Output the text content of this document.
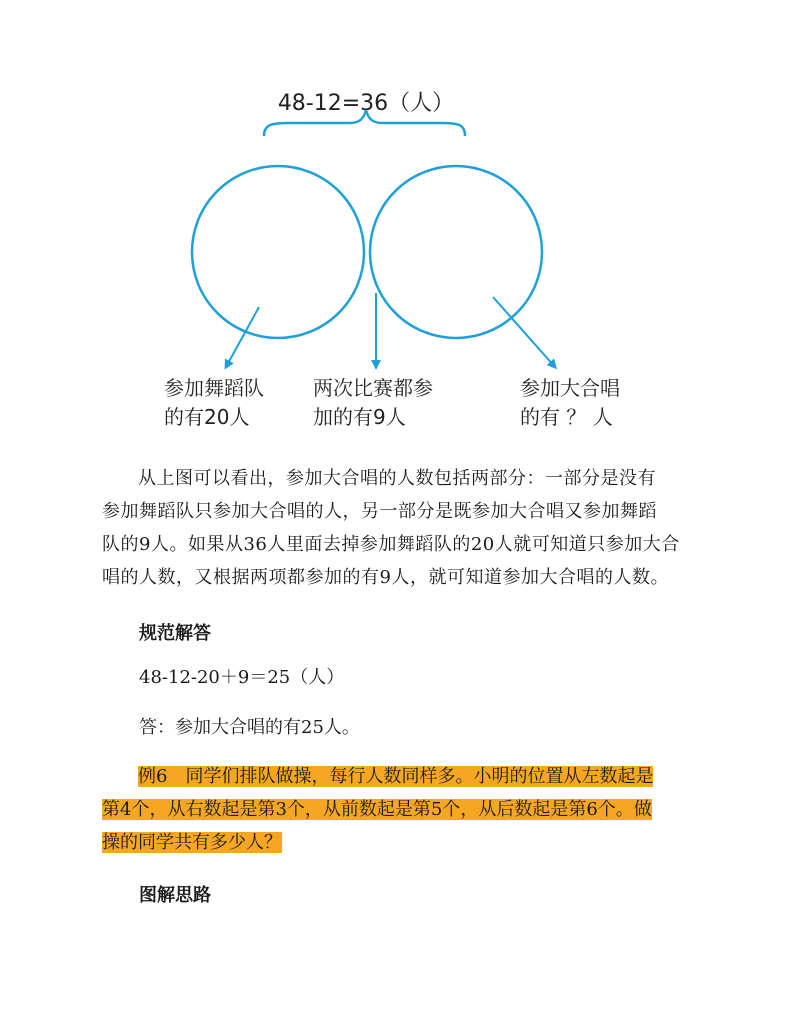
48-12=36（人）
参加舞蹈队
的有20人
两次比赛都参
加的有9人
参加大合唱
的有 ？ 人

从上图可以看出，参加大合唱的人数包括两部分：一部分是没有

参加舞蹈队只参加大合唱的人，另一部分是既参加大合唱又参加舞蹈

队的9人。如果从36人里面去掉参加舞蹈队的20人就可知道只参加大合

唱的人数，又根据两项都参加的有9人，就可知道参加大合唱的人数。

规范解答
48-12-20＋9＝25（人）
答：参加大合唱的有25人。
例6　同学们排队做操，每行人数同样多。小明的位置从左数起是
第4个，从右数起是第3个，从前数起是第5个，从后数起是第6个。做
操的同学共有多少人？
图解思路
